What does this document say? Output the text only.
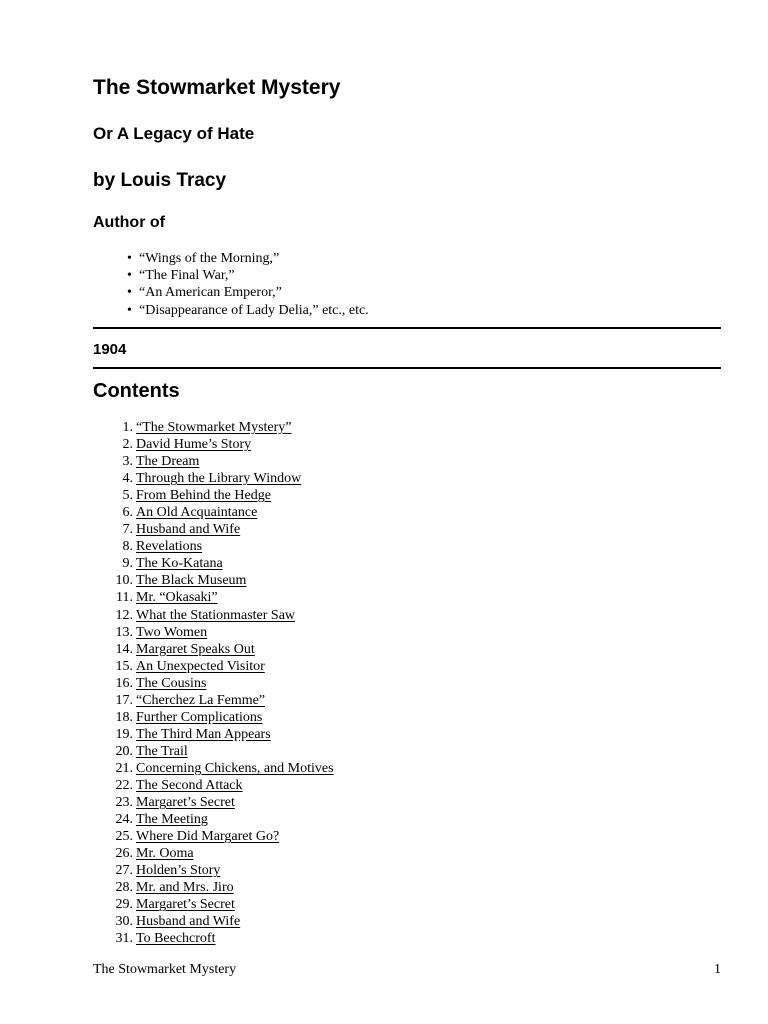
The Stowmarket Mystery
Or A Legacy of Hate
by Louis Tracy
Author of
• “Wings of the Morning,”
• “The Final War,”
• “An American Emperor,”
• “Disappearance of Lady Delia,” etc., etc.
1904
Contents
1. “The Stowmarket Mystery”
2. David Hume’s Story
3. The Dream
4. Through the Library Window
5. From Behind the Hedge
6. An Old Acquaintance
7. Husband and Wife
8. Revelations
9. The Ko-Katana
10. The Black Museum
11. Mr. “Okasaki”
12. What the Stationmaster Saw
13. Two Women
14. Margaret Speaks Out
15. An Unexpected Visitor
16. The Cousins
17. “Cherchez La Femme”
18. Further Complications
19. The Third Man Appears
20. The Trail
21. Concerning Chickens, and Motives
22. The Second Attack
23. Margaret’s Secret
24. The Meeting
25. Where Did Margaret Go?
26. Mr. Ooma
27. Holden’s Story
28. Mr. and Mrs. Jiro
29. Margaret’s Secret
30. Husband and Wife
31. To Beechcroft
The Stowmarket Mystery	1
